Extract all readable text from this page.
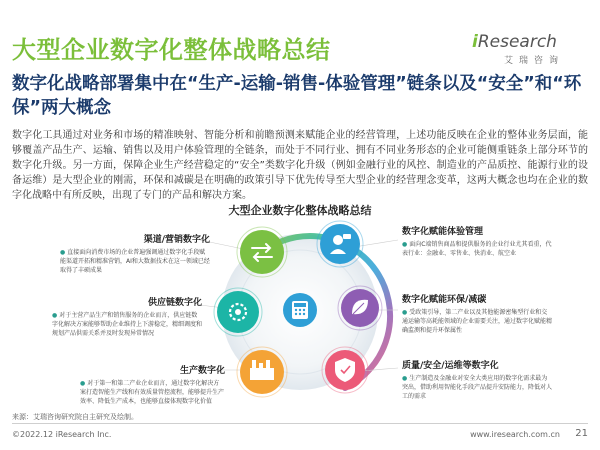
大型企业数字化整体战略总结	iResearch
艾瑞咨询
数字化战略部署集中在“生产-运输-销售-体验管理”链条以及“安全”和“环保”两大概念
数字化工具通过对业务和市场的精准映射、智能分析和前瞻预测来赋能企业的经营管理，上述功能反映在企业的整体业务层面，能够覆盖产品生产、运输、销售以及用户体验管理的全链条，而处于不同行业、拥有不同业务形态的企业可能侧重链条上部分环节的数字化升级。另一方面，保障企业生产经营稳定的“安全”类数字化升级（例如金融行业的风控、制造业的产品质控、能源行业的设备运维）是大型企业的刚需，环保和减碳是在明确的政策引导下优先传导至大型企业的经营理念变革，这两大概念也均在企业的数字化战略中有所反映，出现了专门的产品和解决方案。
大型企业数字化整体战略总结
渠道/营销数字化
● 直接面向消费市场的企业普遍强调通过数字化手段赋能渠道开拓和精准营销，AI和大数据技术在这一领域已经取得了丰硕成果
供应链数字化
● 对于主营产品生产和销售服务的企业而言，供应链数字化解决方案能够帮助企业维持上下游稳定，精细调度和规划产品供需关系并及时发现异常情况
生产数字化
● 对于第一和第二产业企业而言，通过数字化解决方案打造智能生产线和有效质量管控流程，能够提升生产效率、降低生产成本，也能够直接体现数字化价值
数字化赋能体验管理
● 面向C端销售商品和提供服务的企业行业尤其看重，代表行业：金融业、零售业、快消业、航空业
数字化赋能环保/减碳
● 受政策引导，第二产业以及其他能源密集型行业和交通运输等高耗能领域的企业需要关注，通过数字化赋能精确监测和提升环保属性
质量/安全/运维等数字化
● 生产制造及金融业对安全大类应用的数字化需求最为突出，借助利用智能化手段产品提升安防能力，降低对人工的需求
来源：艾瑞咨询研究院自主研究及绘制。
©2022.12 iResearch Inc.	www.iresearch.com.cn 21
